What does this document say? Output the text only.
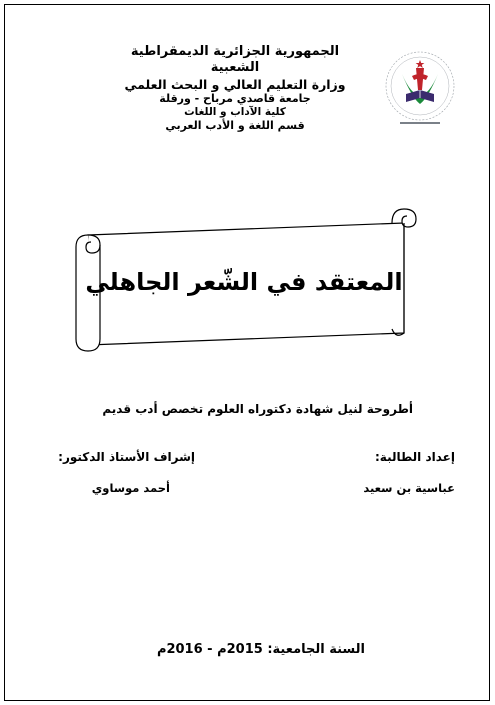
الجمهورية الجزائرية الديمقراطية الشعبية
وزارة التعليم العالي و البحث العلمي
جامعة قاصدي مرباح - ورقلة
كلية الآداب و اللغات
قسم اللغة و الأدب العربي
المعتقد في الشّعر الجاهلي
أطروحة لنيل شهادة دكتوراه العلوم تخصص أدب قديم
إعداد الطالبة:
إشراف الأستاذ الدكتور:
عباسية بن سعيد
أحمد موساوي
السنة الجامعية: 2015م - 2016م
